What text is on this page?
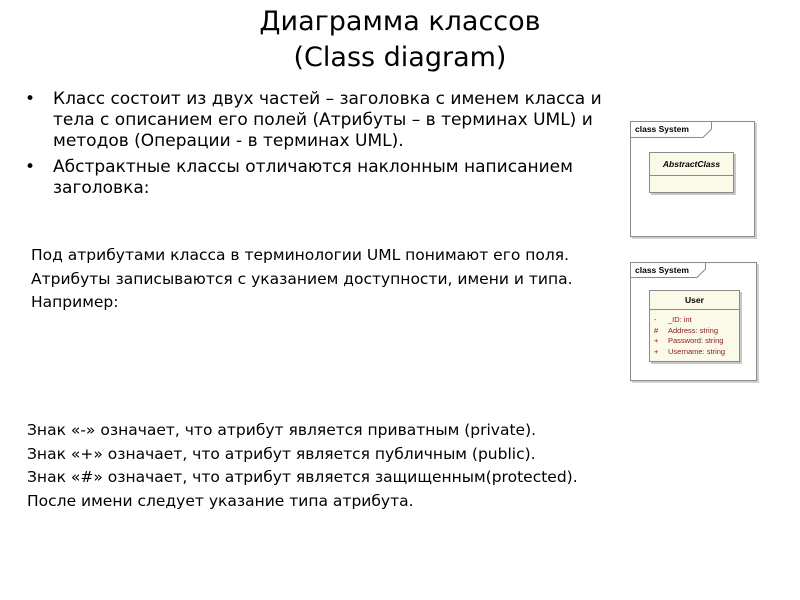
Диаграмма классов
(Class diagram)
• Класс состоит из двух частей – заголовка с именем класса и тела с описанием его полей (Атрибуты – в терминах UML) и методов (Операции - в терминах UML).
• Абстрактные классы отличаются наклонным написанием заголовка:
Под атрибутами класса в терминологии UML понимают его поля.
Атрибуты записываются с указанием доступности, имени и типа.
Например:
Знак «-» означает, что атрибут является приватным (private).
Знак «+» означает, что атрибут является публичным (public).
Знак «#» означает, что атрибут является защищенным(protected).
После имени следует указание типа атрибута.
class System
AbstractClass
class System
User
- _ID: int
# Address: string
+ Password: string
+ Username: string
